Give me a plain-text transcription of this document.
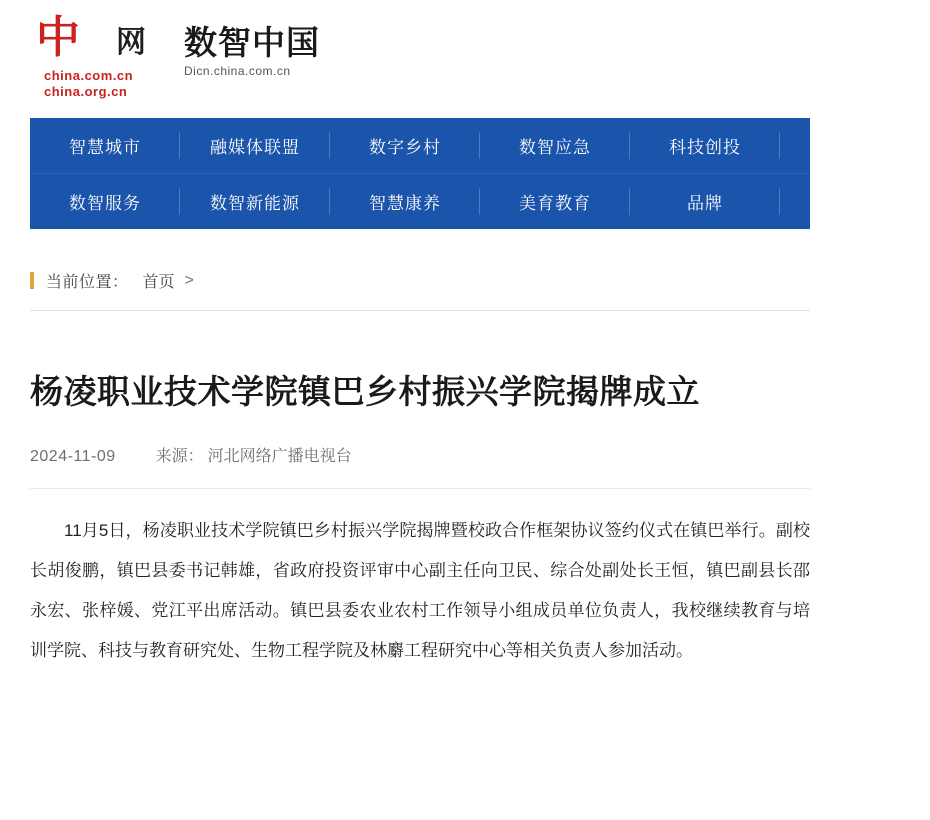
中 网
china.com.cn
china.org.cn
数智中国
Dicn.china.com.cn
智慧城市	融媒体联盟	数字乡村	数智应急	科技创投	数
数智服务	数智新能源	智慧康养	美育教育	品牌	数
当前位置： 首页 >
杨凌职业技术学院镇巴乡村振兴学院揭牌成立
2024-11-09	来源： 河北网络广播电视台

11月5日，杨凌职业技术学院镇巴乡村振兴学院揭牌暨校政合作框架协议签约仪式在镇巴举行。副校长胡俊鹏，镇巴县委书记韩雄，省政府投资评审中心副主任向卫民、综合处副处长王恒，镇巴副县长邵永宏、张梓媛、党江平出席活动。镇巴县委农业农村工作领导小组成员单位负责人，我校继续教育与培训学院、科技与教育研究处、生物工程学院及林麝工程研究中心等相关负责人参加活动。
